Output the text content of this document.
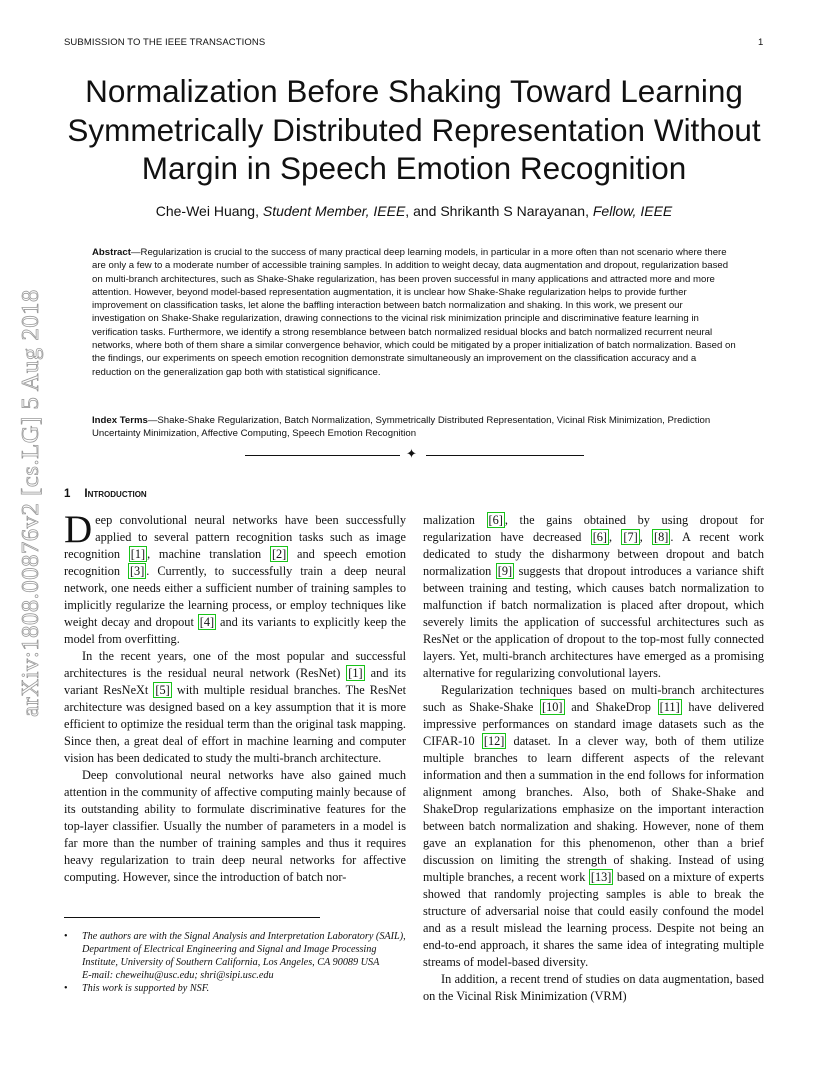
SUBMISSION TO THE IEEE TRANSACTIONS	1
Normalization Before Shaking Toward Learning Symmetrically Distributed Representation Without Margin in Speech Emotion Recognition
Che-Wei Huang, Student Member, IEEE, and Shrikanth S Narayanan, Fellow, IEEE
arXiv:1808.00876v2 [cs.LG] 5 Aug 2018
Abstract—Regularization is crucial to the success of many practical deep learning models, in particular in a more often than not scenario where there are only a few to a moderate number of accessible training samples. In addition to weight decay, data augmentation and dropout, regularization based on multi-branch architectures, such as Shake-Shake regularization, has been proven successful in many applications and attracted more and more attention. However, beyond model-based representation augmentation, it is unclear how Shake-Shake regularization helps to provide further improvement on classification tasks, let alone the baffling interaction between batch normalization and shaking. In this work, we present our investigation on Shake-Shake regularization, drawing connections to the vicinal risk minimization principle and discriminative feature learning in verification tasks. Furthermore, we identify a strong resemblance between batch normalized residual blocks and batch normalized recurrent neural networks, where both of them share a similar convergence behavior, which could be mitigated by a proper initialization of batch normalization. Based on the findings, our experiments on speech emotion recognition demonstrate simultaneously an improvement on the classification accuracy and a reduction on the generalization gap both with statistical significance.
Index Terms—Shake-Shake Regularization, Batch Normalization, Symmetrically Distributed Representation, Vicinal Risk Minimization, Prediction Uncertainty Minimization, Affective Computing, Speech Emotion Recognition
✦
1 Introduction

Deep convolutional neural networks have been successfully applied to several pattern recognition tasks such as image recognition [1] , machine translation [2] and speech emotion recognition [3] . Currently, to successfully train a deep neural network, one needs either a sufficient number of training samples to implicitly regularize the learning process, or employ techniques like weight decay and dropout [4] and its variants to explicitly keep the model from overfitting.

In the recent years, one of the most popular and successful architectures is the residual neural network (ResNet) [1] and its variant ResNeXt [5] with multiple residual branches. The ResNet architecture was designed based on a key assumption that it is more efficient to optimize the residual term than the original task mapping. Since then, a great deal of effort in machine learning and computer vision has been dedicated to study the multi-branch architecture.

Deep convolutional neural networks have also gained much attention in the community of affective computing mainly because of its outstanding ability to formulate discriminative features for the top-layer classifier. Usually the number of parameters in a model is far more than the number of training samples and thus it requires heavy regularization to train deep neural networks for affective computing. However, since the introduction of batch nor-

• The authors are with the Signal Analysis and Interpretation Laboratory (SAIL), Department of Electrical Engineering and Signal and Image Processing Institute, University of Southern California, Los Angeles, CA 90089 USA
E-mail: cheweihu@usc.edu; shri@sipi.usc.edu
• This work is supported by NSF.

malization [6] , the gains obtained by using dropout for regularization have decreased [6] , [7] , [8] . A recent work dedicated to study the disharmony between dropout and batch normalization [9] suggests that dropout introduces a variance shift between training and testing, which causes batch normalization to malfunction if batch normalization is placed after dropout, which severely limits the application of successful architectures such as ResNet or the application of dropout to the top-most fully connected layers. Yet, multi-branch architectures have emerged as a promising alternative for regularizing convolutional layers.

Regularization techniques based on multi-branch architectures such as Shake-Shake [10] and ShakeDrop [11] have delivered impressive performances on standard image datasets such as the CIFAR-10 [12] dataset. In a clever way, both of them utilize multiple branches to learn different aspects of the relevant information and then a summation in the end follows for information alignment among branches. Also, both of Shake-Shake and ShakeDrop regularizations emphasize on the important interaction between batch normalization and shaking. However, none of them gave an explanation for this phenomenon, other than a brief discussion on limiting the strength of shaking. Instead of using multiple branches, a recent work [13] based on a mixture of experts showed that randomly projecting samples is able to break the structure of adversarial noise that could easily confound the model and as a result mislead the learning process. Despite not being an end-to-end approach, it shares the same idea of integrating multiple streams of model-based diversity.

In addition, a recent trend of studies on data augmentation, based on the Vicinal Risk Minimization (VRM)
